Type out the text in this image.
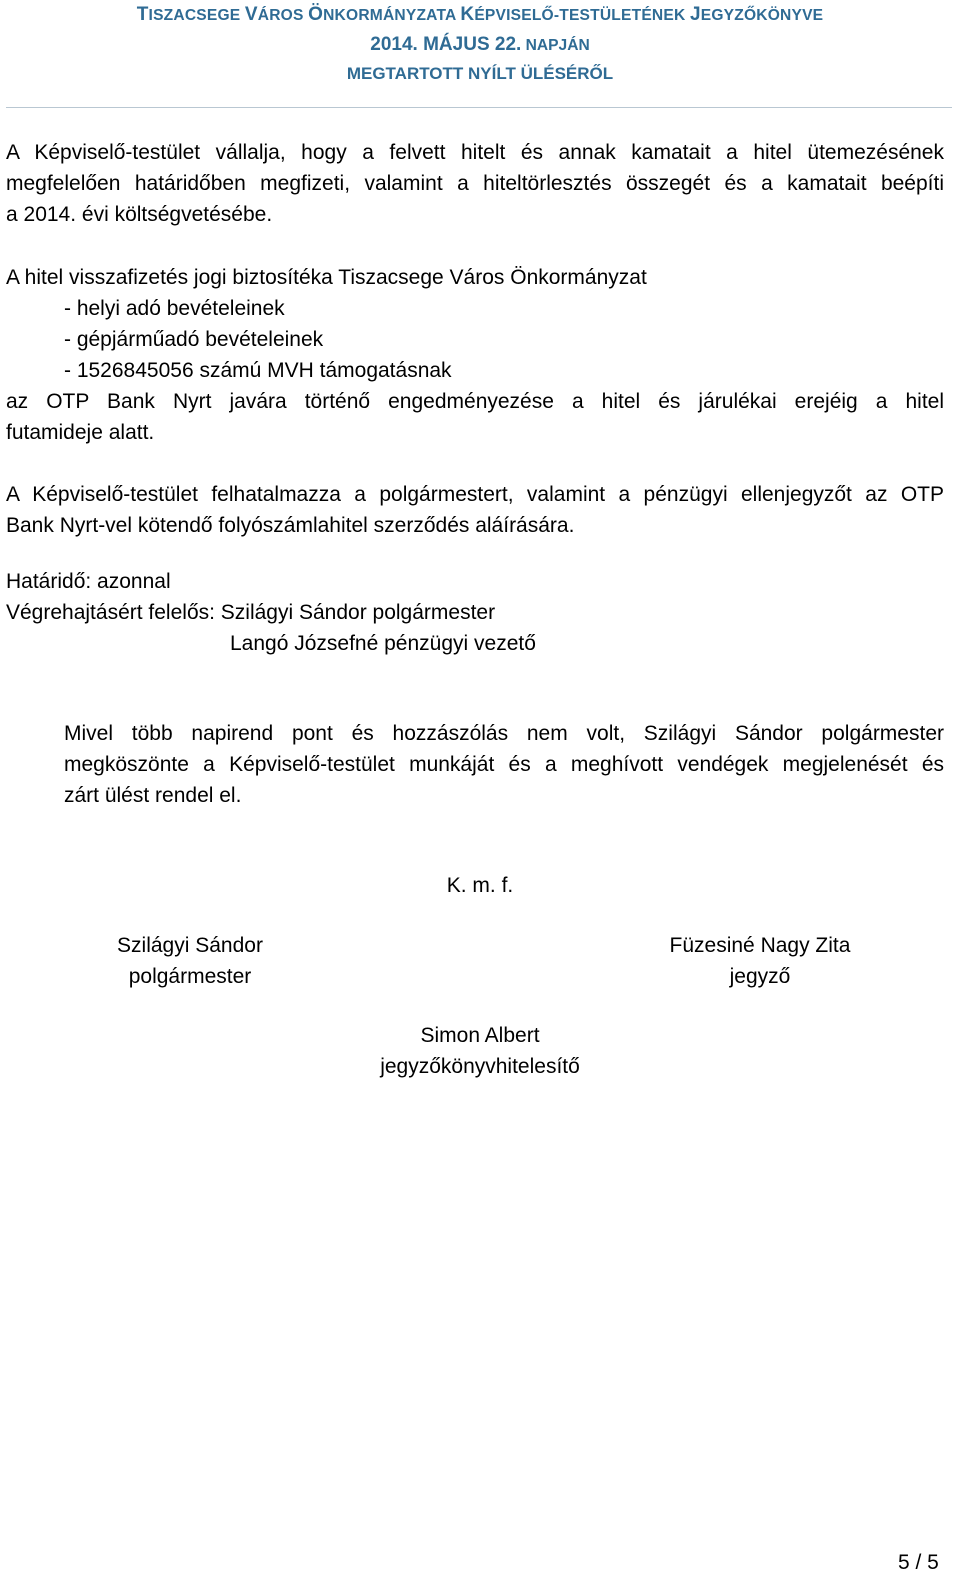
TISZACSEGE VÁROS ÖNKORMÁNYZATA KÉPVISELŐ-TESTÜLETÉNEK JEGYZŐKÖNYVE
2014. MÁJUS 22. NAPJÁN
MEGTARTOTT NYÍLT ÜLÉSÉRŐL
A Képviselő-testület vállalja, hogy a felvett hitelt és annak kamatait a hitel ütemezésének
megfelelően határidőben megfizeti, valamint a hiteltörlesztés összegét és a kamatait beépíti
a 2014. évi költségvetésébe.
A hitel visszafizetés jogi biztosítéka Tiszacsege Város Önkormányzat
- helyi adó bevételeinek
- gépjárműadó bevételeinek
- 1526845056 számú MVH támogatásnak
az OTP Bank Nyrt javára történő engedményezése a hitel és járulékai erejéig a hitel
futamideje alatt.
A Képviselő-testület felhatalmazza a polgármestert, valamint a pénzügyi ellenjegyzőt az OTP
Bank Nyrt-vel kötendő folyószámlahitel szerződés aláírására.
Határidő: azonnal
Végrehajtásért felelős: Szilágyi Sándor polgármester
Langó Józsefné pénzügyi vezető
Mivel több napirend pont és hozzászólás nem volt, Szilágyi Sándor polgármester
megköszönte a Képviselő-testület munkáját és a meghívott vendégek megjelenését és
zárt ülést rendel el.
K. m. f.
Szilágyi Sándor
polgármester
Füzesiné Nagy Zita
jegyző
Simon Albert
jegyzőkönyvhitelesítő
5 / 5
